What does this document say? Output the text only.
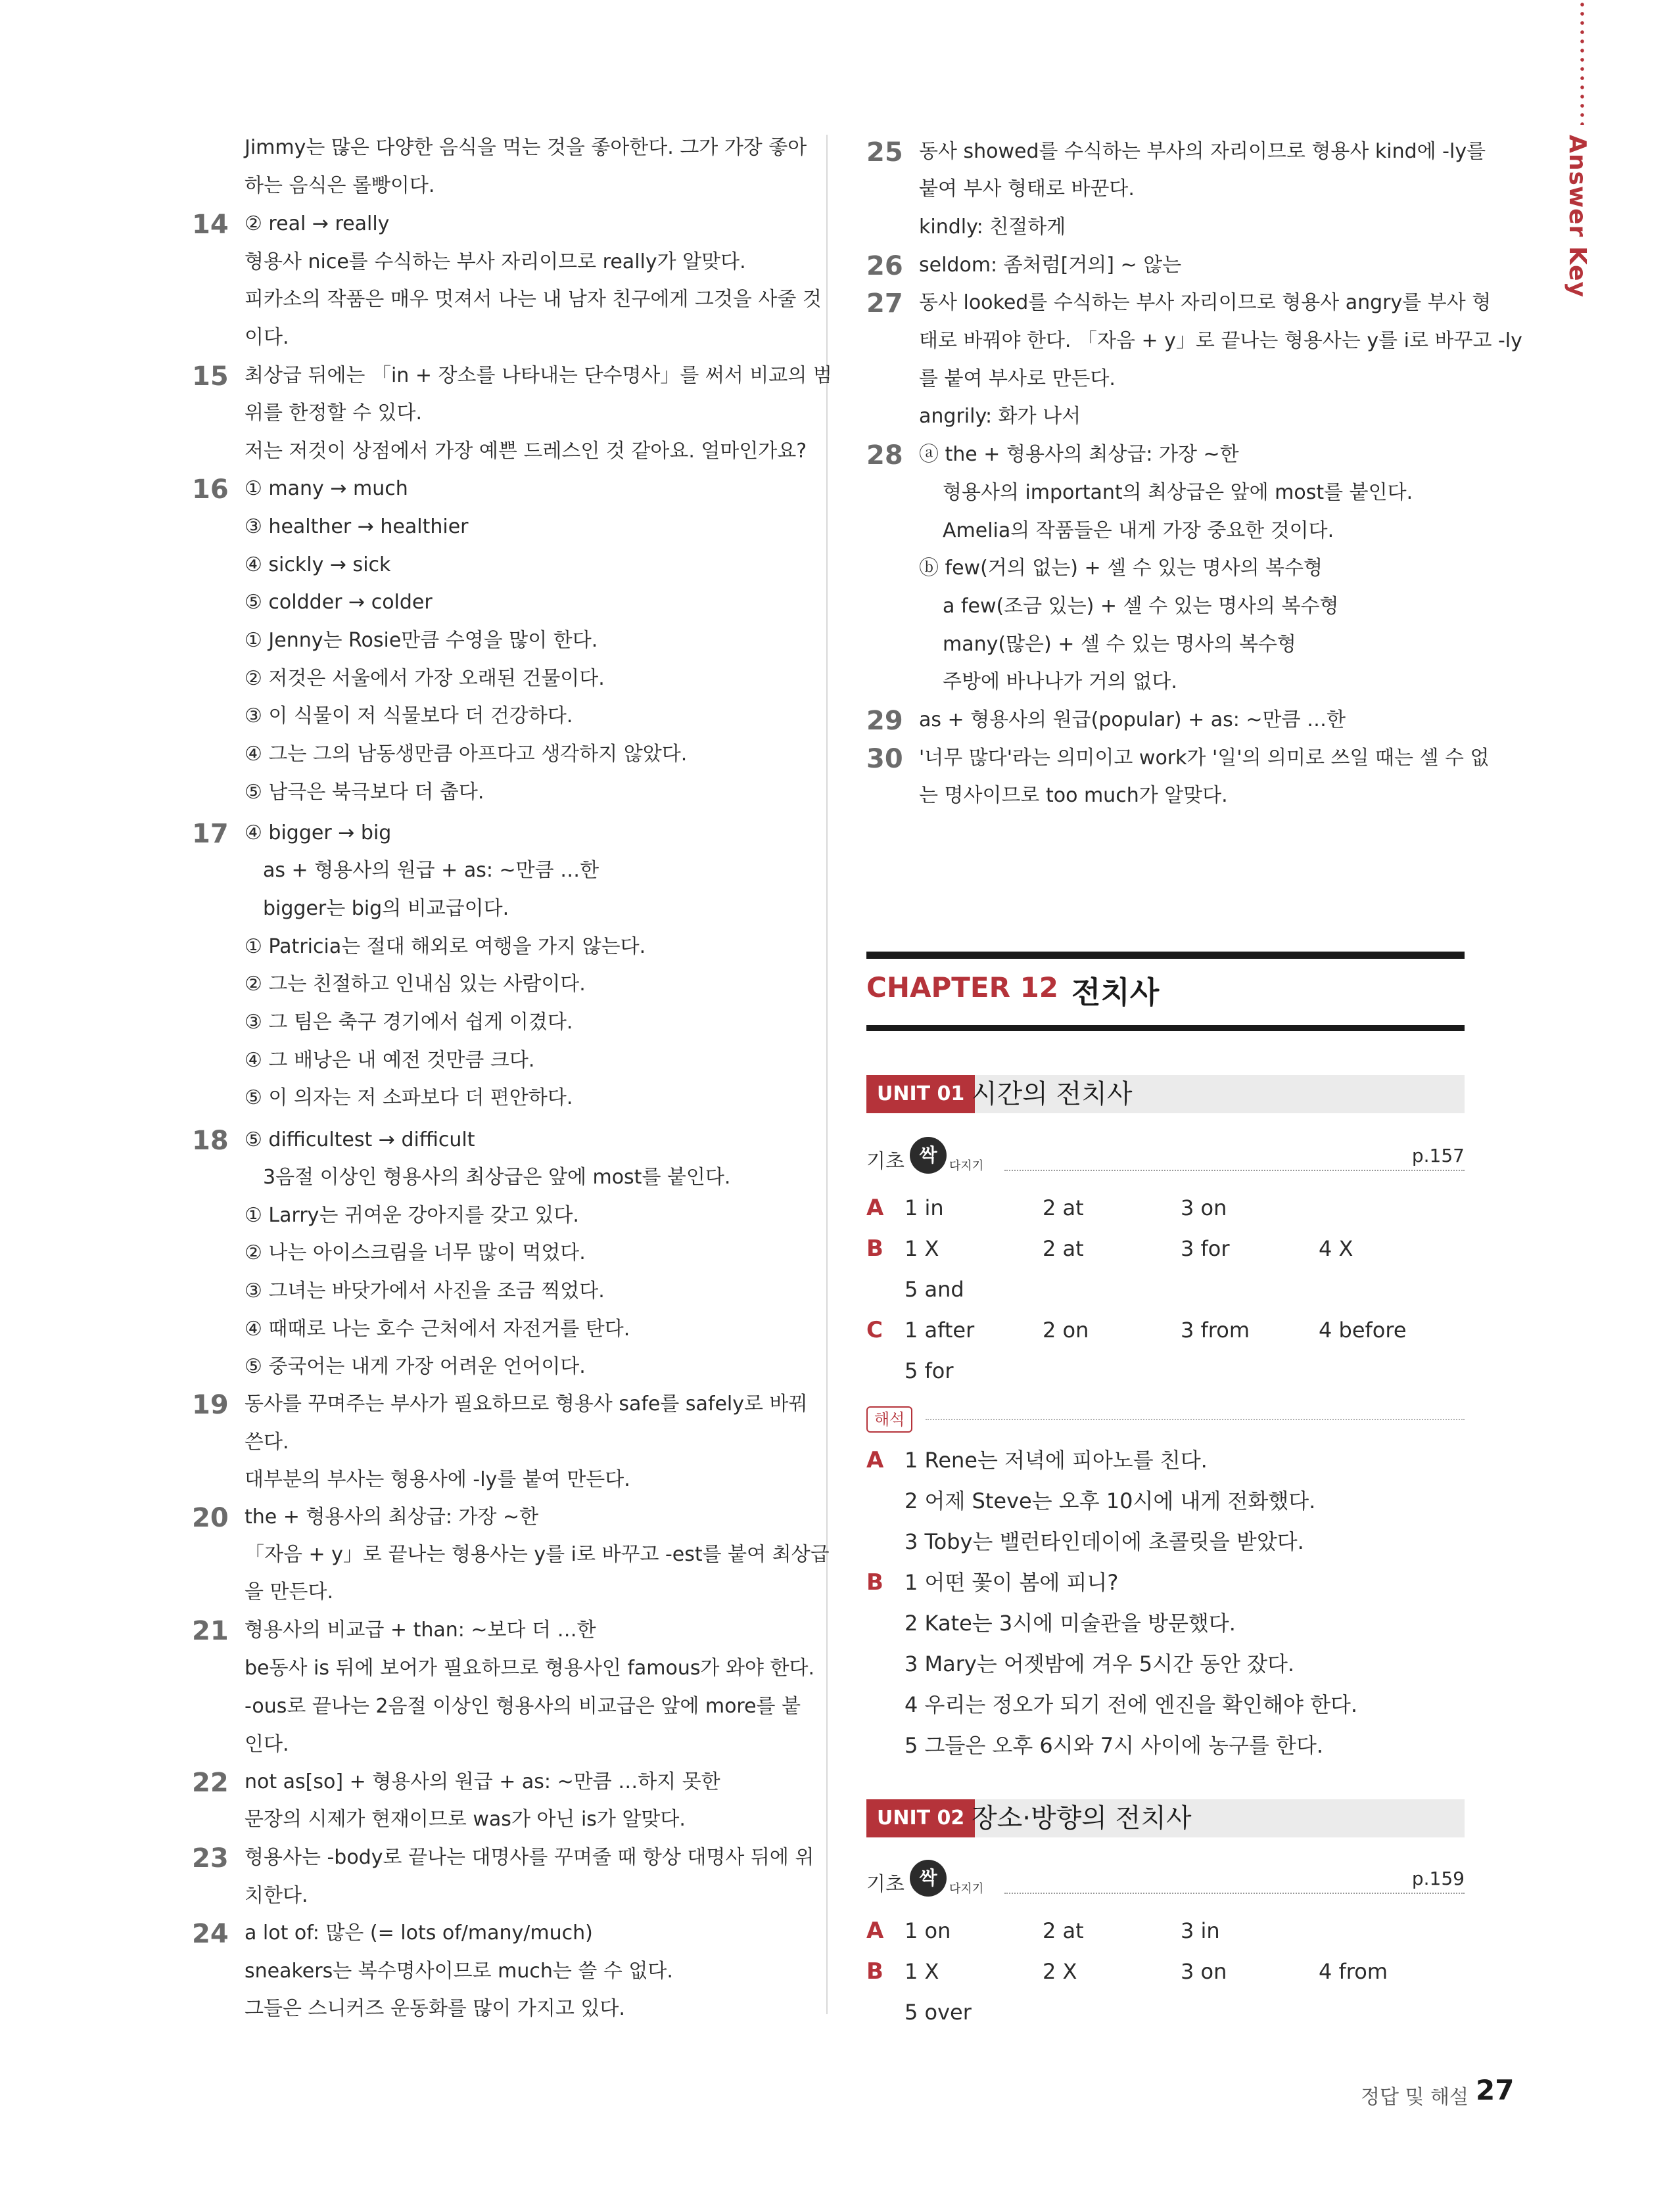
Answer Key
14
15
16
17
18
19
20
21
22
23
24
Jimmy는 많은 다양한 음식을 먹는 것을 좋아한다. 그가 가장 좋아
하는 음식은 롤빵이다.
② real → really
형용사 nice를 수식하는 부사 자리이므로 really가 알맞다.
피카소의 작품은 매우 멋져서 나는 내 남자 친구에게 그것을 사줄 것
이다.
최상급 뒤에는 「in + 장소를 나타내는 단수명사」를 써서 비교의 범
위를 한정할 수 있다.
저는 저것이 상점에서 가장 예쁜 드레스인 것 같아요. 얼마인가요?
① many → much
③ healther → healthier
④ sickly → sick
⑤ coldder → colder
① Jenny는 Rosie만큼 수영을 많이 한다.
② 저것은 서울에서 가장 오래된 건물이다.
③ 이 식물이 저 식물보다 더 건강하다.
④ 그는 그의 남동생만큼 아프다고 생각하지 않았다.
⑤ 남극은 북극보다 더 춥다.
④ bigger → big
as + 형용사의 원급 + as: ~만큼 …한
bigger는 big의 비교급이다.
① Patricia는 절대 해외로 여행을 가지 않는다.
② 그는 친절하고 인내심 있는 사람이다.
③ 그 팀은 축구 경기에서 쉽게 이겼다.
④ 그 배낭은 내 예전 것만큼 크다.
⑤ 이 의자는 저 소파보다 더 편안하다.
⑤ difficultest → difficult
3음절 이상인 형용사의 최상급은 앞에 most를 붙인다.
① Larry는 귀여운 강아지를 갖고 있다.
② 나는 아이스크림을 너무 많이 먹었다.
③ 그녀는 바닷가에서 사진을 조금 찍었다.
④ 때때로 나는 호수 근처에서 자전거를 탄다.
⑤ 중국어는 내게 가장 어려운 언어이다.
동사를 꾸며주는 부사가 필요하므로 형용사 safe를 safely로 바꿔
쓴다.
대부분의 부사는 형용사에 -ly를 붙여 만든다.
the + 형용사의 최상급: 가장 ~한
「자음 + y」로 끝나는 형용사는 y를 i로 바꾸고 -est를 붙여 최상급
을 만든다.
형용사의 비교급 + than: ~보다 더 …한
be동사 is 뒤에 보어가 필요하므로 형용사인 famous가 와야 한다.
-ous로 끝나는 2음절 이상인 형용사의 비교급은 앞에 more를 붙
인다.
not as[so] + 형용사의 원급 + as: ~만큼 …하지 못한
문장의 시제가 현재이므로 was가 아닌 is가 알맞다.
형용사는 -body로 끝나는 대명사를 꾸며줄 때 항상 대명사 뒤에 위
치한다.
a lot of: 많은 (= lots of/many/much)
sneakers는 복수명사이므로 much는 쓸 수 없다.
그들은 스니커즈 운동화를 많이 가지고 있다.
25
26
27
28
29
30
동사 showed를 수식하는 부사의 자리이므로 형용사 kind에 -ly를
붙여 부사 형태로 바꾼다.
kindly: 친절하게
seldom: 좀처럼[거의] ~ 않는
동사 looked를 수식하는 부사 자리이므로 형용사 angry를 부사 형
태로 바꿔야 한다. 「자음 + y」로 끝나는 형용사는 y를 i로 바꾸고 -ly
를 붙여 부사로 만든다.
angrily: 화가 나서
ⓐ the + 형용사의 최상급: 가장 ~한
형용사의 important의 최상급은 앞에 most를 붙인다.
Amelia의 작품들은 내게 가장 중요한 것이다.
ⓑ few(거의 없는) + 셀 수 있는 명사의 복수형
a few(조금 있는) + 셀 수 있는 명사의 복수형
many(많은) + 셀 수 있는 명사의 복수형
주방에 바나나가 거의 없다.
as + 형용사의 원급(popular) + as: ~만큼 …한
'너무 많다'라는 의미이고 work가 '일'의 의미로 쓰일 때는 셀 수 없
는 명사이므로 too much가 알맞다.
CHAPTER 12 전치사
UNIT 01 시간의 전치사
기초 싹
다지기	p.157
A 1 in	2 at	3 on
B 1 X	2 at	3 for	4 X
5 and
C 1 after	2 on	3 from	4 before
5 for
해석
A 1 Rene는 저녁에 피아노를 친다.
2 어제 Steve는 오후 10시에 내게 전화했다.
3 Toby는 밸런타인데이에 초콜릿을 받았다.
B 1 어떤 꽃이 봄에 피니?
2 Kate는 3시에 미술관을 방문했다.
3 Mary는 어젯밤에 겨우 5시간 동안 잤다.
4 우리는 정오가 되기 전에 엔진을 확인해야 한다.
5 그들은 오후 6시와 7시 사이에 농구를 한다.
UNIT 02 장소·방향의 전치사
기초 싹
다지기	p.159
A 1 on	2 at	3 in
B 1 X	2 X	3 on	4 from
5 over
정답 및 해설 27
